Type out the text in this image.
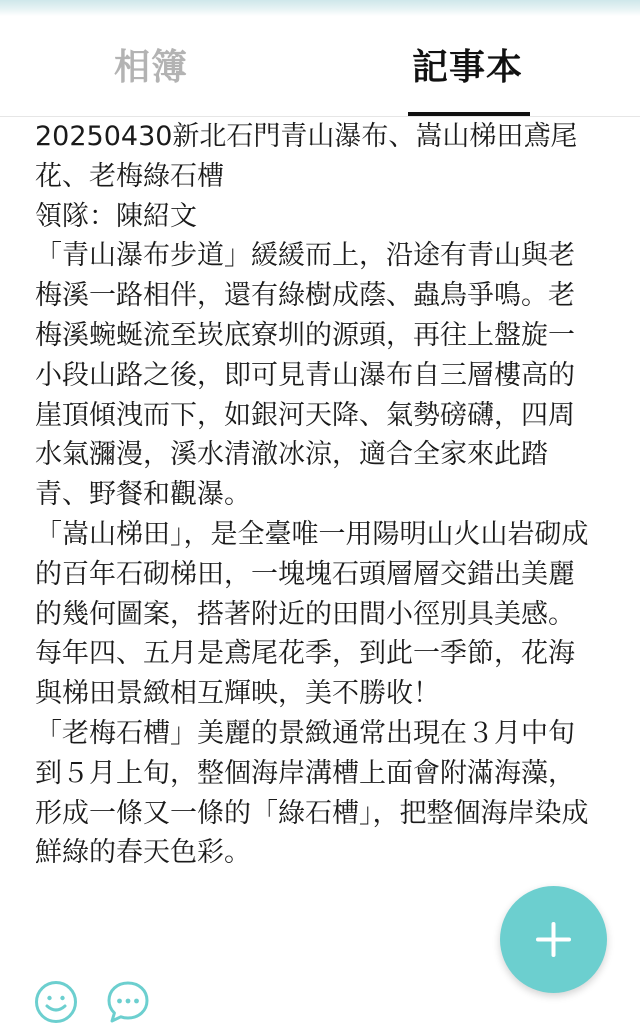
相簿	記事本

20250430新北石門青山瀑布、嵩山梯田鳶尾花、老梅綠石槽

領隊：陳紹文

「青山瀑布步道」緩緩而上，沿途有青山與老梅溪一路相伴，還有綠樹成蔭、蟲鳥爭鳴。老梅溪蜿蜒流至崁底寮圳的源頭，再往上盤旋一小段山路之後，即可見青山瀑布自三層樓高的崖頂傾洩而下，如銀河天降、氣勢磅礴，四周水氣瀰漫，溪水清澈冰涼，適合全家來此踏青、野餐和觀瀑。

「嵩山梯田」，是全臺唯一用陽明山火山岩砌成的百年石砌梯田，一塊塊石頭層層交錯出美麗的幾何圖案，搭著附近的田間小徑別具美感。每年四、五月是鳶尾花季，到此一季節，花海與梯田景緻相互輝映，美不勝收！

「老梅石槽」美麗的景緻通常出現在３月中旬到５月上旬，整個海岸溝槽上面會附滿海藻，形成一條又一條的「綠石槽」，把整個海岸染成鮮綠的春天色彩。
